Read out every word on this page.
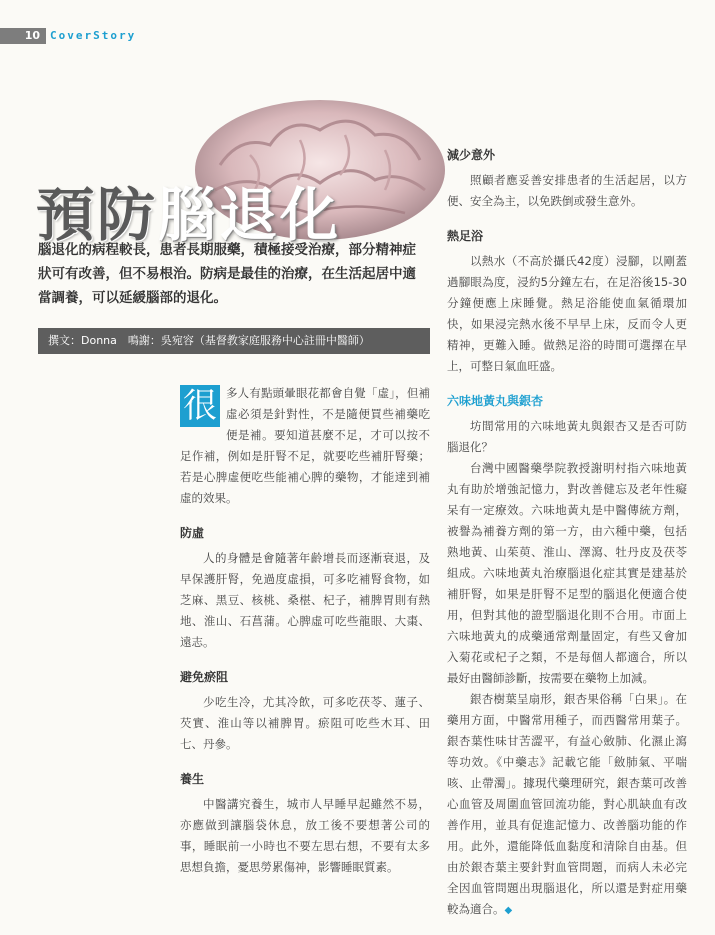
10 CoverStory
預防腦退化

腦退化的病程較長，患者長期服藥，積極接受治療，部分精神症狀可有改善，但不易根治。防病是最佳的治療，在生活起居中適當調養，可以延緩腦部的退化。

撰文：Donna　鳴謝：吳宛容（基督教家庭服務中心註冊中醫師）

很 多人有點頭暈眼花都會自覺「虛」，但補虛必須是針對性，不是隨便買些補藥吃便是補。要知道甚麼不足，才可以按不足作補，例如是肝腎不足，就要吃些補肝腎藥；若是心脾虛便吃些能補心脾的藥物，才能達到補虛的效果。

防虛

人的身體是會隨著年齡增長而逐漸衰退，及早保護肝腎，免過度虛損，可多吃補腎食物，如芝麻、黑豆、核桃、桑椹、杞子，補脾胃則有熱地、淮山、石菖蒲。心脾虛可吃些龍眼、大棗、遠志。

避免瘀阻

少吃生冷，尤其冷飲，可多吃茯苓、蓮子、芡實、淮山等以補脾胃。瘀阻可吃些木耳、田七、丹參。

養生

中醫講究養生，城市人早睡早起雖然不易，亦應做到讓腦袋休息，放工後不要想著公司的事，睡眠前一小時也不要左思右想，不要有太多思想負擔，憂思勞累傷神，影響睡眠質素。

減少意外

照顧者應妥善安排患者的生活起居，以方便、安全為主，以免跌倒或發生意外。

熱足浴

以熱水（不高於攝氏42度）浸腳，以剛蓋過腳眼為度，浸約5分鐘左右，在足浴後15-30分鐘便應上床睡覺。熱足浴能使血氣循環加快，如果浸完熱水後不早早上床，反而令人更精神，更難入睡。做熱足浴的時間可選擇在早上，可整日氣血旺盛。

六味地黃丸與銀杏

坊間常用的六味地黃丸與銀杏又是否可防腦退化？

台灣中國醫藥學院教授謝明村指六味地黃丸有助於增強記憶力，對改善健忘及老年性癡呆有一定療效。六味地黃丸是中醫傳統方劑，被譽為補養方劑的第一方，由六種中藥，包括熟地黃、山茱萸、淮山、澤瀉、牡丹皮及茯苓組成。六味地黃丸治療腦退化症其實是建基於補肝腎，如果是肝腎不足型的腦退化便適合使用，但對其他的證型腦退化則不合用。市面上六味地黃丸的成藥通常劑量固定，有些又會加入菊花或杞子之類，不是每個人都適合，所以最好由醫師診斷，按需要在藥物上加減。

銀杏樹葉呈扇形，銀杏果俗稱「白果」。在藥用方面，中醫常用種子，而西醫常用葉子。銀杏葉性味甘苦澀平，有益心斂肺、化濕止瀉等功效。《中藥志》記載它能「斂肺氣、平喘咳、止帶濁」。據現代藥理研究，銀杏葉可改善心血管及周圍血管回流功能，對心肌缺血有改善作用，並具有促進記憶力、改善腦功能的作用。此外，還能降低血黏度和清除自由基。但由於銀杏葉主要針對血管問題，而病人未必完全因血管問題出現腦退化，所以還是對症用藥較為適合。◆
